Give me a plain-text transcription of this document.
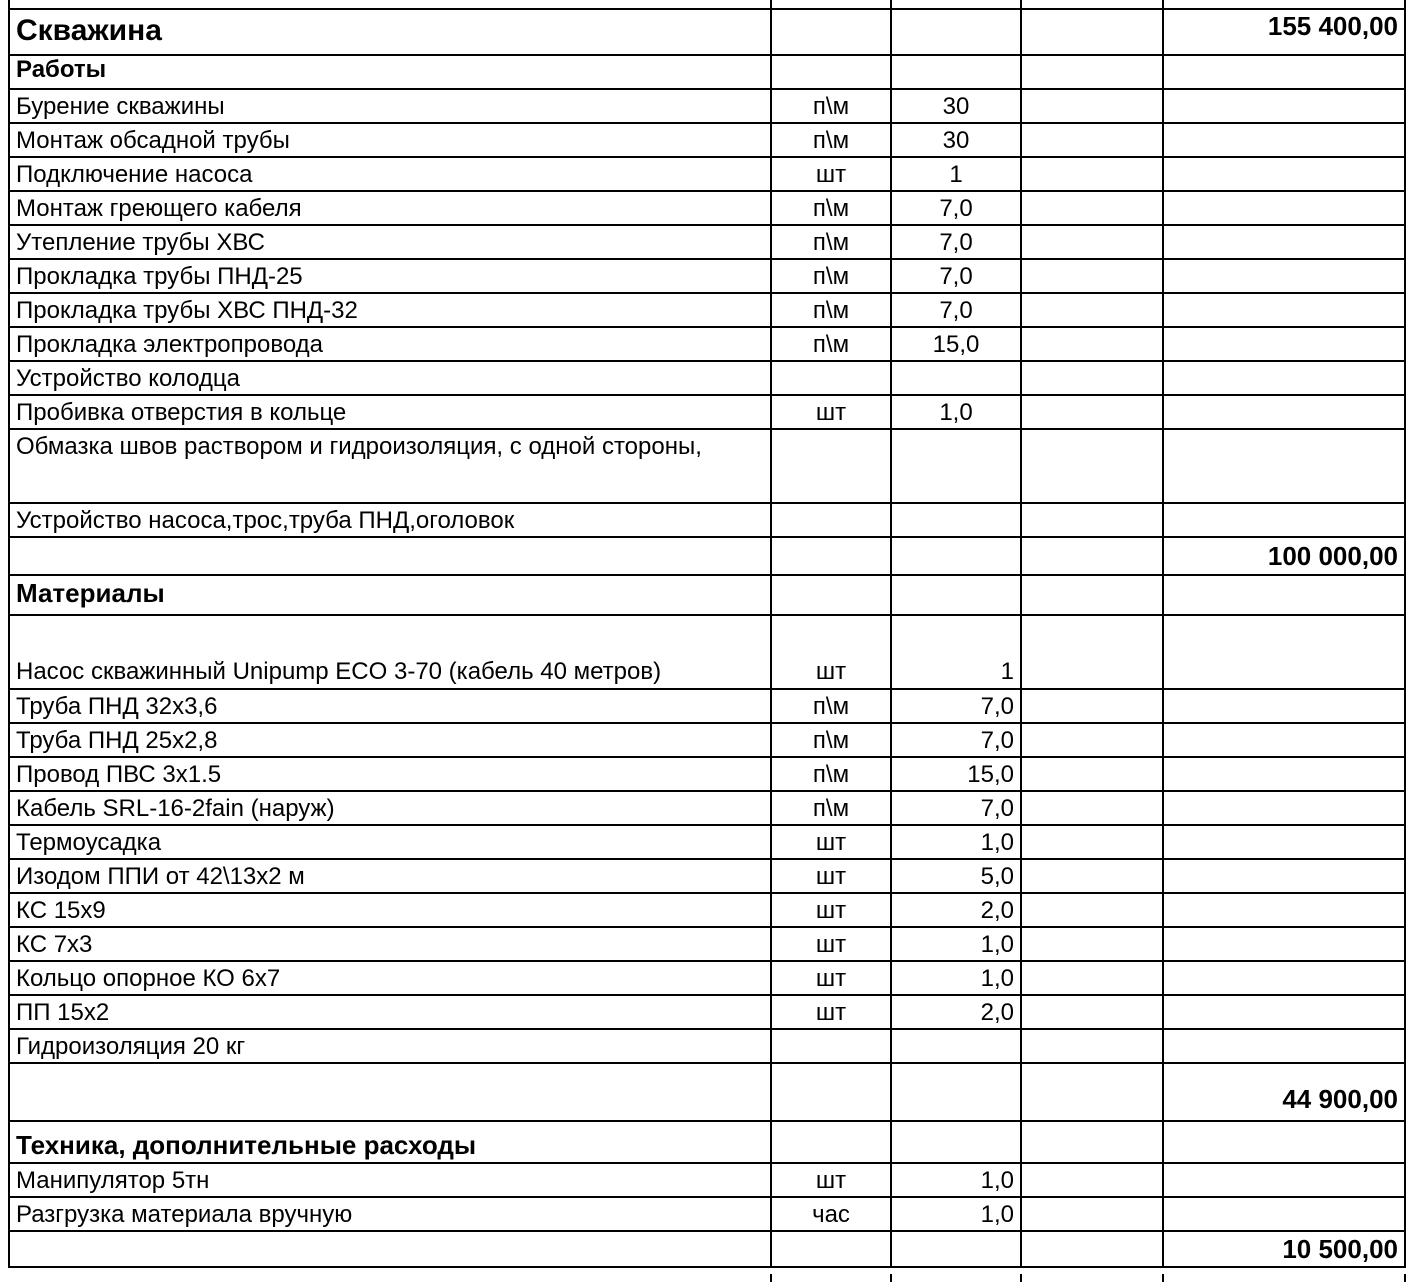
Скважина				155 400,00
Работы				
Бурение скважины	п\м	30		
Монтаж обсадной трубы	п\м	30		
Подключение насоса	шт	1		
Монтаж греющего кабеля	п\м	7,0		
Утепление трубы ХВС	п\м	7,0		
Прокладка трубы ПНД-25	п\м	7,0		
Прокладка трубы ХВС ПНД-32	п\м	7,0		
Прокладка электропровода	п\м	15,0		
Устройство колодца				
Пробивка отверстия в кольце	шт	1,0		
Обмазка швов раствором и гидроизоляция, с одной стороны,				
Устройство насоса,трос,труба ПНД,оголовок				
				100 000,00
Материалы				
Насос скважинный Unipump ECO 3-70 (кабель 40 метров)	шт	1		
Труба ПНД 32х3,6	п\м	7,0		
Труба ПНД 25х2,8	п\м	7,0		
Провод ПВС 3х1.5	п\м	15,0		
Кабель SRL-16-2fain (наруж)	п\м	7,0		
Термоусадка	шт	1,0		
Изодом ППИ от 42\13х2 м	шт	5,0		
КС 15х9	шт	2,0		
КС 7х3	шт	1,0		
Кольцо опорное КО 6х7	шт	1,0		
ПП 15х2	шт	2,0		
Гидроизоляция 20 кг				
				44 900,00
Техника, дополнительные расходы				
Манипулятор 5тн	шт	1,0		
Разгрузка материала вручную	час	1,0		
				10 500,00
